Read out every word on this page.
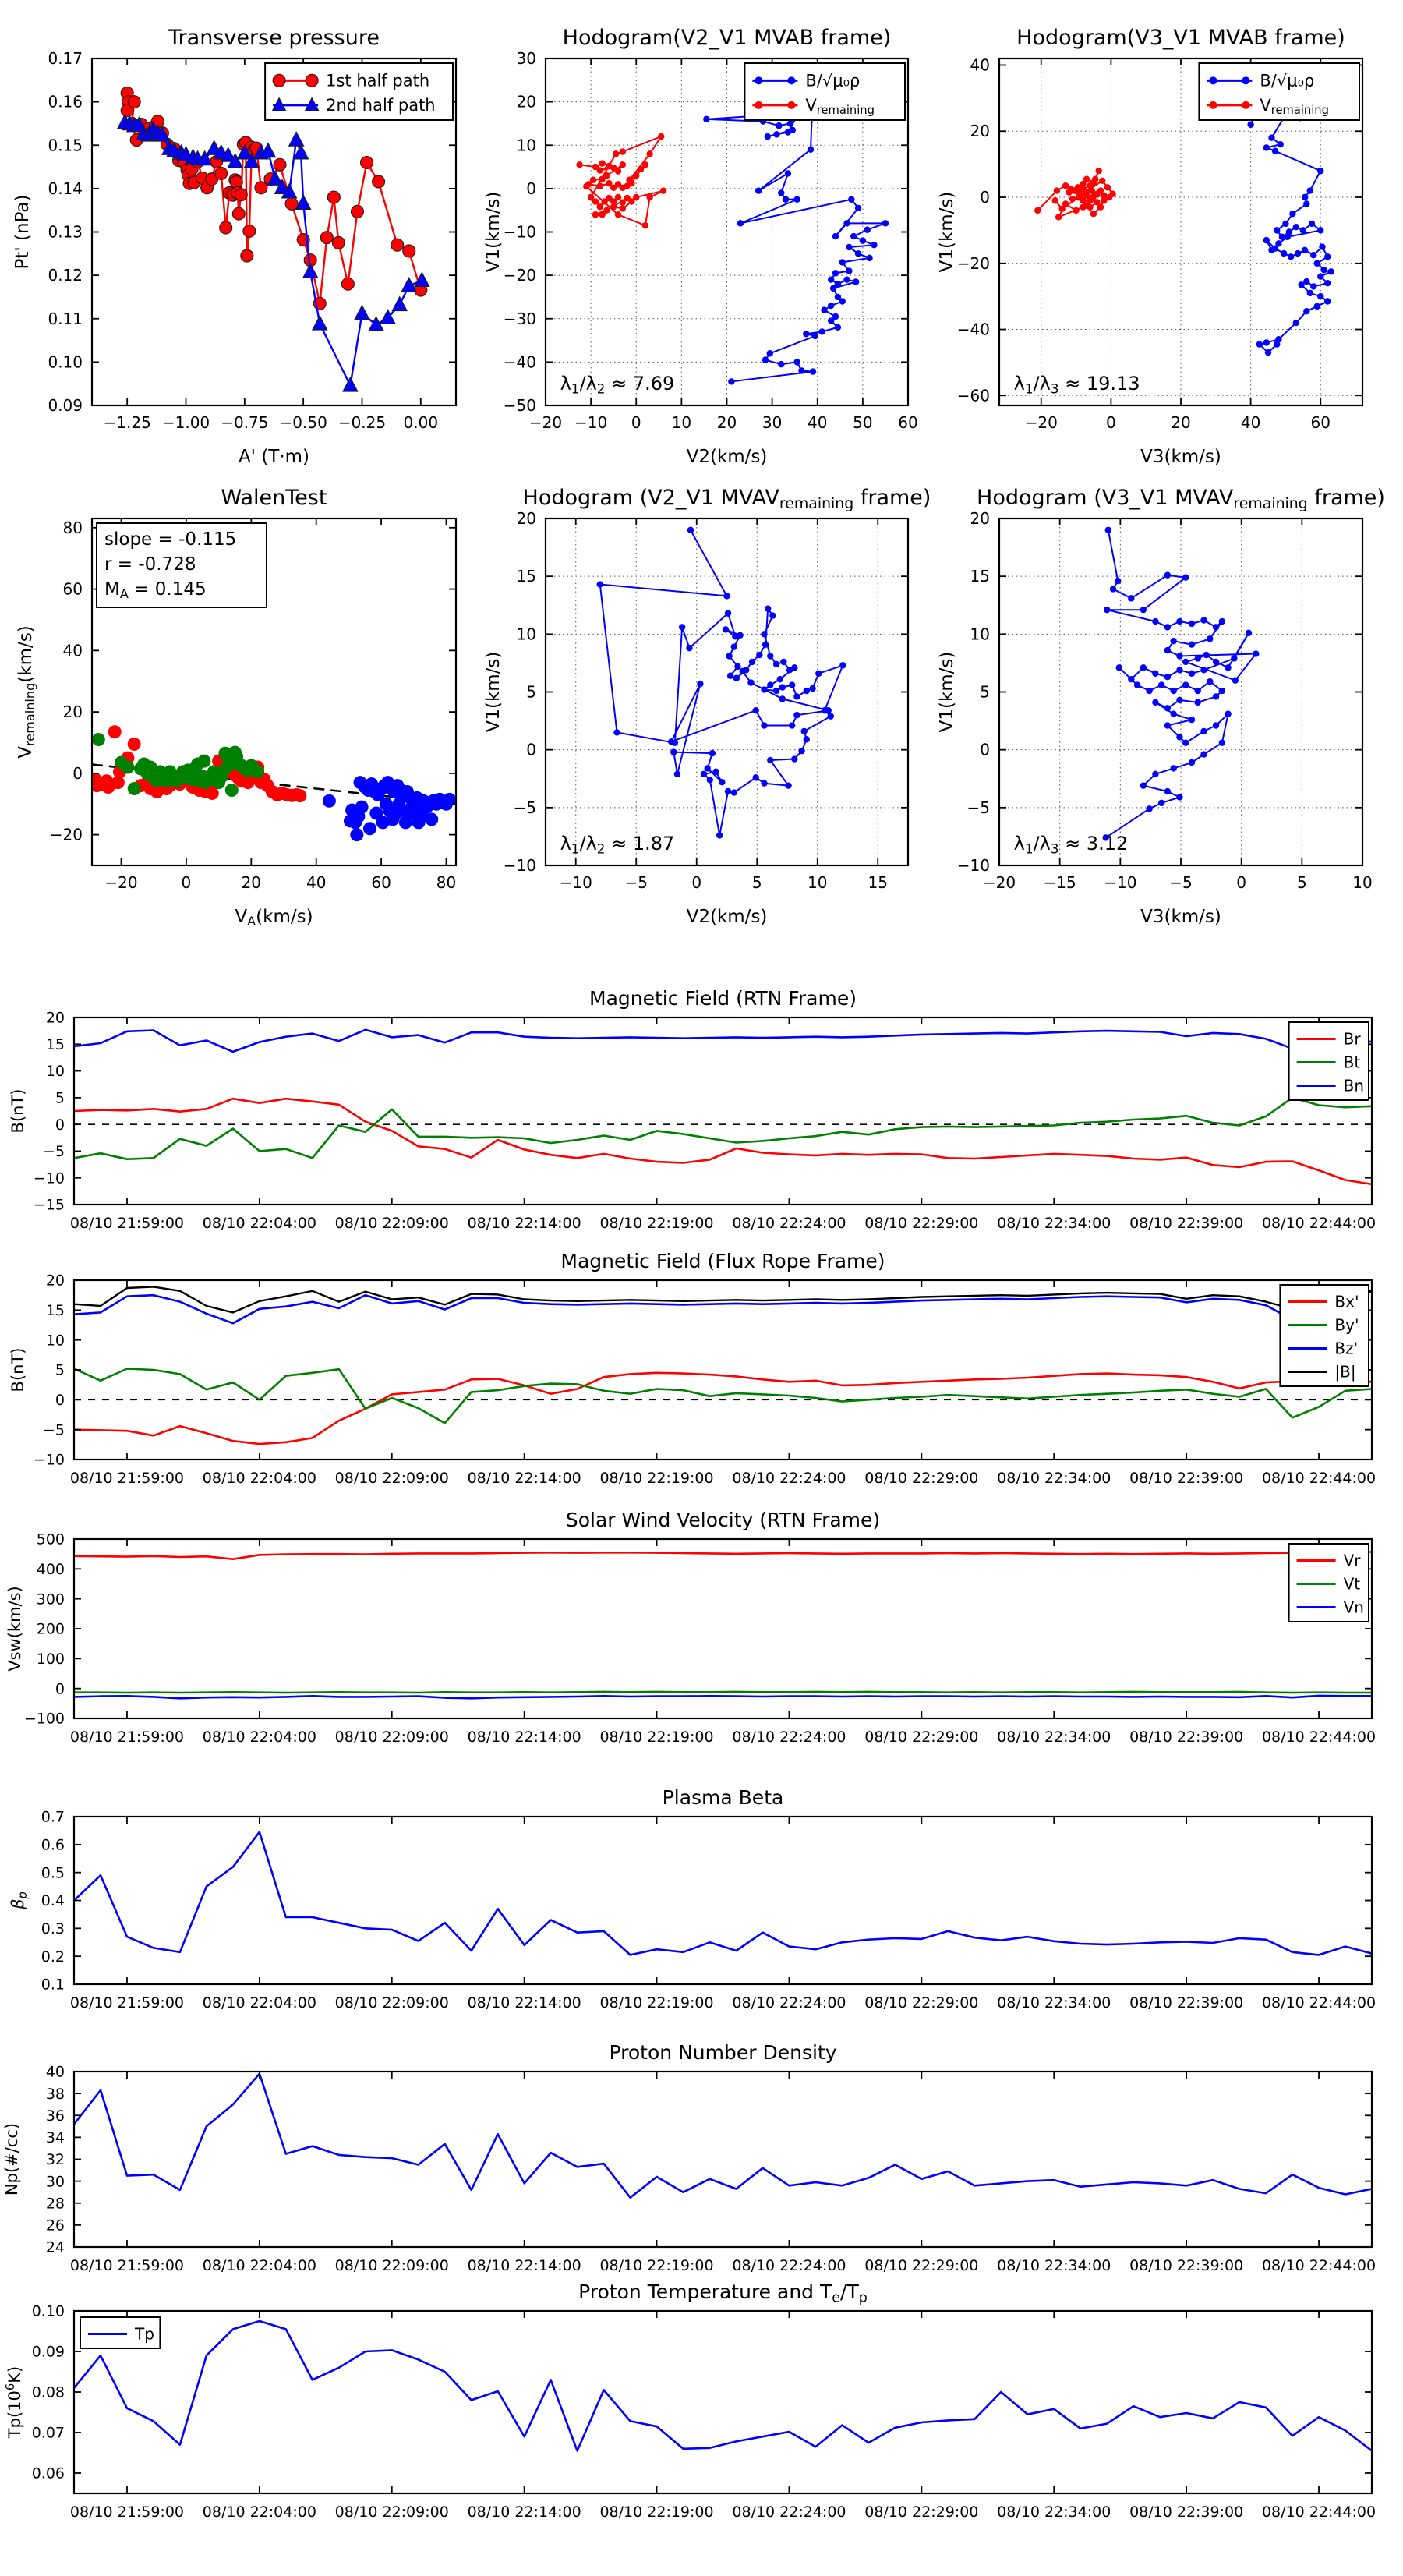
−1.25 −1.00 −0.75 −0.50 −0.25 0.00
0.09
0.10
0.11
0.12
0.13
0.14
0.15
0.16
0.17
Transverse pressure
A' (T·m)
Pt' (nPa)
1st half path
2nd half path
−20 −10 0 10 20 30 40 50 60
−50
−40
−30
−20
−10
0
10
20
30
Hodogram(V2_V1 MVAB frame)
V2(km/s)
V1(km/s)
B/√μ₀ρ
Vremaining
λ1/λ2 ≈ 7.69
−20	0	20	40	60
−60
−40
−20
0
20
40
Hodogram(V3_V1 MVAB frame)
V3(km/s)
V1(km/s)
B/√μ₀ρ
Vremaining
λ1/λ3 ≈ 19.13
−20	0	20	40	60	80
−20
0
20
40
60
80
WalenTest
VA(km/s)
Vremaining(km/s)
slope = -0.115
r = -0.728
MA = 0.145
−10 −5	0	5	10	15
−10
−5
0
5
10
15
20
Hodogram (V2_V1 MVAVremaining frame)
V2(km/s)
V1(km/s)
λ1/λ2 ≈ 1.87
−20 −15 −10 −5	0	5	10
−10
−5
0
5
10
15
20
Hodogram (V3_V1 MVAVremaining frame)
V3(km/s)
V1(km/s)
λ1/λ3 ≈ 3.12
08/10 21:59:00 08/10 22:04:00 08/10 22:09:00 08/10 22:14:00 08/10 22:19:00 08/10 22:24:00 08/10 22:29:00 08/10 22:34:00 08/10 22:39:00 08/10 22:44:00
−15
−10
−5
0
5
10
15
20
Magnetic Field (RTN Frame)
B(nT)
Br
Bt
Bn
08/10 21:59:00 08/10 22:04:00 08/10 22:09:00 08/10 22:14:00 08/10 22:19:00 08/10 22:24:00 08/10 22:29:00 08/10 22:34:00 08/10 22:39:00 08/10 22:44:00
−10
−5
0
5
10
15
20
Magnetic Field (Flux Rope Frame)
B(nT)
Bx'
By'
Bz'
|B|
08/10 21:59:00 08/10 22:04:00 08/10 22:09:00 08/10 22:14:00 08/10 22:19:00 08/10 22:24:00 08/10 22:29:00 08/10 22:34:00 08/10 22:39:00 08/10 22:44:00
−100
0
100
200
300
400
500
Solar Wind Velocity (RTN Frame)
Vsw(km/s)
Vr
Vt
Vn
08/10 21:59:00 08/10 22:04:00 08/10 22:09:00 08/10 22:14:00 08/10 22:19:00 08/10 22:24:00 08/10 22:29:00 08/10 22:34:00 08/10 22:39:00 08/10 22:44:00
0.1
0.2
0.3
0.4
0.5
0.6
0.7
Plasma Beta
βp
08/10 21:59:00 08/10 22:04:00 08/10 22:09:00 08/10 22:14:00 08/10 22:19:00 08/10 22:24:00 08/10 22:29:00 08/10 22:34:00 08/10 22:39:00 08/10 22:44:00
24
26
28
30
32
34
36
38
40
Proton Number Density
Np(#/cc)
08/10 21:59:00 08/10 22:04:00 08/10 22:09:00 08/10 22:14:00 08/10 22:19:00 08/10 22:24:00 08/10 22:29:00 08/10 22:34:00 08/10 22:39:00 08/10 22:44:00
0.06
0.07
0.08
0.09
0.10
Proton Temperature and Te/Tp
$Tp(10^6K)$
Tp
